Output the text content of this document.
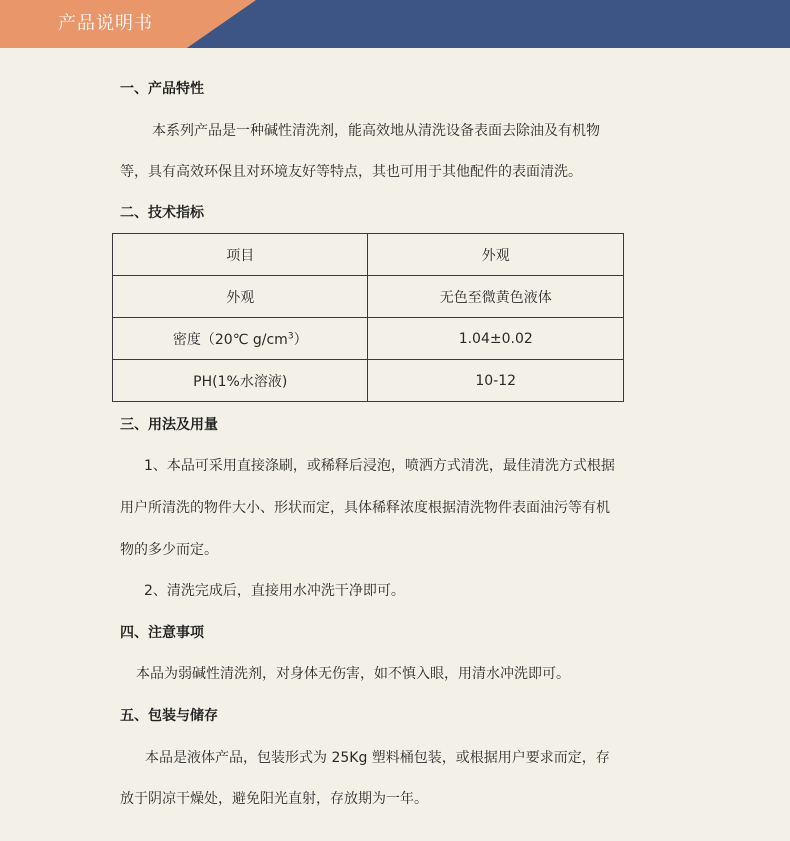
产品说明书
一、产品特性
本系列产品是一种碱性清洗剂，能高效地从清洗设备表面去除油及有机物
等，具有高效环保且对环境友好等特点，其也可用于其他配件的表面清洗。
二、技术指标
项目	外观
外观	无色至微黄色液体
密度（20℃ $g/cm^3$）	1.04±0.02
PH(1%水溶液)	10-12
三、用法及用量
1、本品可采用直接涤刷，或稀释后浸泡，喷洒方式清洗，最佳清洗方式根据
用户所清洗的物件大小、形状而定，具体稀释浓度根据清洗物件表面油污等有机
物的多少而定。
2、清洗完成后，直接用水冲洗干净即可。
四、注意事项
本品为弱碱性清洗剂，对身体无伤害，如不慎入眼，用清水冲洗即可。
五、包装与储存
本品是液体产品，包装形式为 25Kg 塑料桶包装，或根据用户要求而定，存
放于阴凉干燥处，避免阳光直射，存放期为一年。
